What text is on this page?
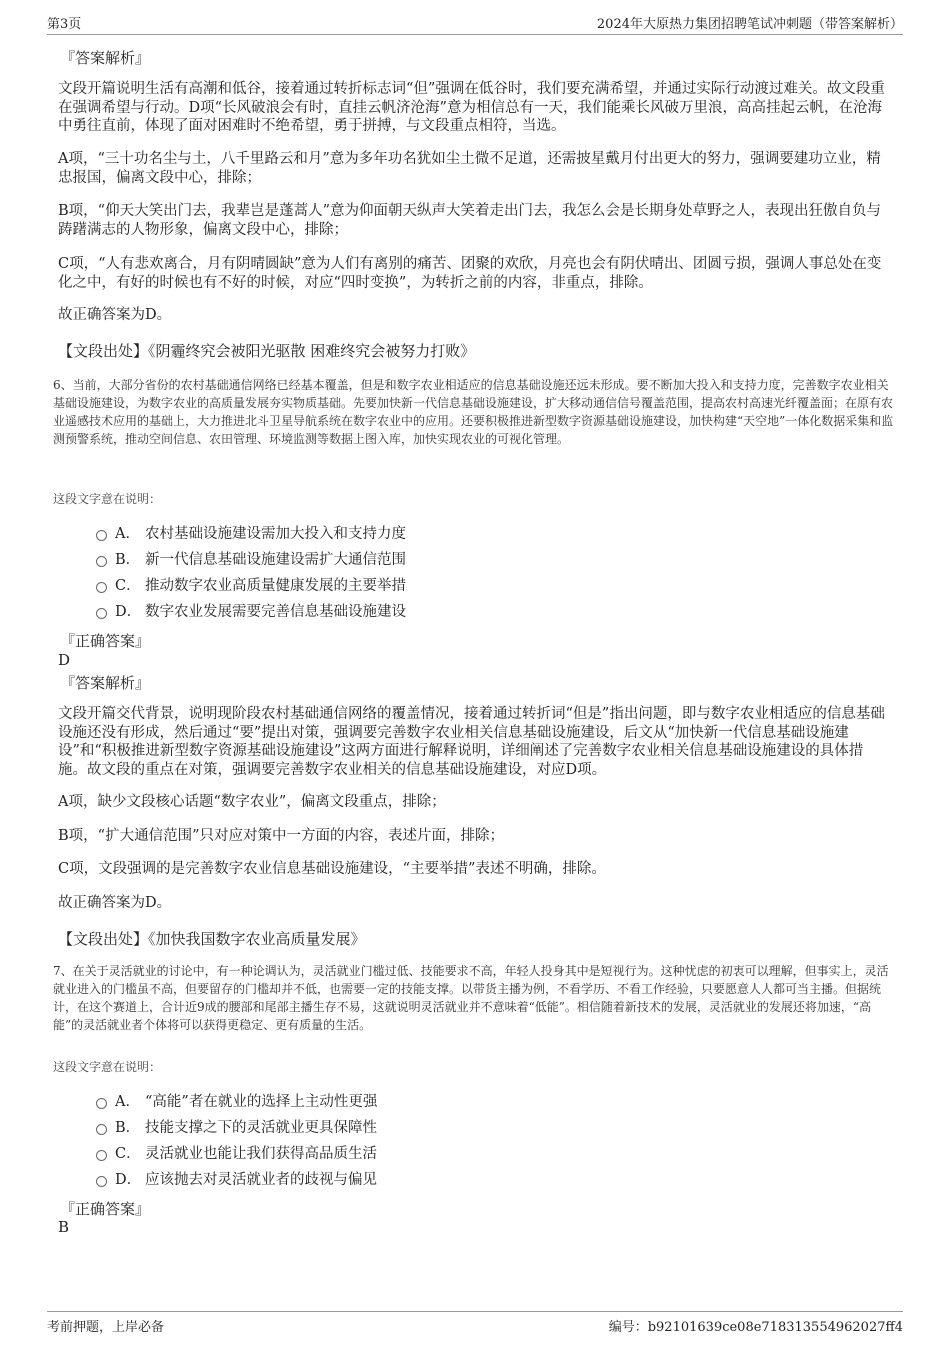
第3页	2024年大原热力集团招聘笔试冲刺题（带答案解析）
『答案解析』

文段开篇说明生活有高潮和低谷，接着通过转折标志词“但”强调在低谷时，我们要充满希望，并通过实际行动渡过难关。故文段重在强调希望与行动。D项“长风破浪会有时，直挂云帆济沧海”意为相信总有一天，我们能乘长风破万里浪，高高挂起云帆，在沧海中勇往直前，体现了面对困难时不绝希望，勇于拼搏，与文段重点相符，当选。

A项，“三十功名尘与土，八千里路云和月”意为多年功名犹如尘土微不足道，还需披星戴月付出更大的努力，强调要建功立业，精忠报国，偏离文段中心，排除；

B项，“仰天大笑出门去，我辈岂是蓬蒿人”意为仰面朝天纵声大笑着走出门去，我怎么会是长期身处草野之人，表现出狂傲自负与踌躇满志的人物形象，偏离文段中心，排除；

C项，“人有悲欢离合，月有阴晴圆缺”意为人们有离别的痛苦、团聚的欢欣，月亮也会有阴伏晴出、团圆亏损，强调人事总处在变化之中，有好的时候也有不好的时候，对应“四时变换”，为转折之前的内容，非重点，排除。

故正确答案为D。

【文段出处】《阴霾终究会被阳光驱散 困难终究会被努力打败》

6、当前，大部分省份的农村基础通信网络已经基本覆盖，但是和数字农业相适应的信息基础设施还远未形成。要不断加大投入和支持力度，完善数字农业相关基础设施建设，为数字农业的高质量发展夯实物质基础。先要加快新一代信息基础设施建设，扩大移动通信信号覆盖范围，提高农村高速光纤覆盖面；在原有农业遥感技术应用的基础上，大力推进北斗卫星导航系统在数字农业中的应用。还要积极推进新型数字资源基础设施建设，加快构建“天空地”一体化数据采集和监测预警系统，推动空间信息、农田管理、环境监测等数据上图入库，加快实现农业的可视化管理。

这段文字意在说明：
A． 农村基础设施建设需加大投入和支持力度
B． 新一代信息基础设施建设需扩大通信范围
C． 推动数字农业高质量健康发展的主要举措
D． 数字农业发展需要完善信息基础设施建设
『正确答案』
D
『答案解析』

文段开篇交代背景，说明现阶段农村基础通信网络的覆盖情况，接着通过转折词“但是”指出问题，即与数字农业相适应的信息基础设施还没有形成，然后通过“要”提出对策，强调要完善数字农业相关信息基础设施建设，后文从“加快新一代信息基础设施建设”和“积极推进新型数字资源基础设施建设”这两方面进行解释说明，详细阐述了完善数字农业相关信息基础设施建设的具体措施。故文段的重点在对策，强调要完善数字农业相关的信息基础设施建设，对应D项。

A项，缺少文段核心话题“数字农业”，偏离文段重点，排除；

B项，“扩大通信范围”只对应对策中一方面的内容，表述片面，排除；

C项，文段强调的是完善数字农业信息基础设施建设，“主要举措”表述不明确，排除。

故正确答案为D。

【文段出处】《加快我国数字农业高质量发展》

7、在关于灵活就业的讨论中，有一种论调认为，灵活就业门槛过低、技能要求不高，年轻人投身其中是短视行为。这种忧虑的初衷可以理解，但事实上，灵活就业进入的门槛虽不高，但要留存的门槛却并不低，也需要一定的技能支撑。以带货主播为例，不看学历、不看工作经验，只要愿意人人都可当主播。但据统计，在这个赛道上，合计近9成的腰部和尾部主播生存不易，这就说明灵活就业并不意味着“低能”。相信随着新技术的发展，灵活就业的发展还将加速，“高能”的灵活就业者个体将可以获得更稳定、更有质量的生活。

这段文字意在说明：
A． “高能”者在就业的选择上主动性更强
B． 技能支撑之下的灵活就业更具保障性
C． 灵活就业也能让我们获得高品质生活
D． 应该抛去对灵活就业者的歧视与偏见
『正确答案』
B
考前押题，上岸必备	编号：b92101639ce08e718313554962027ff4
